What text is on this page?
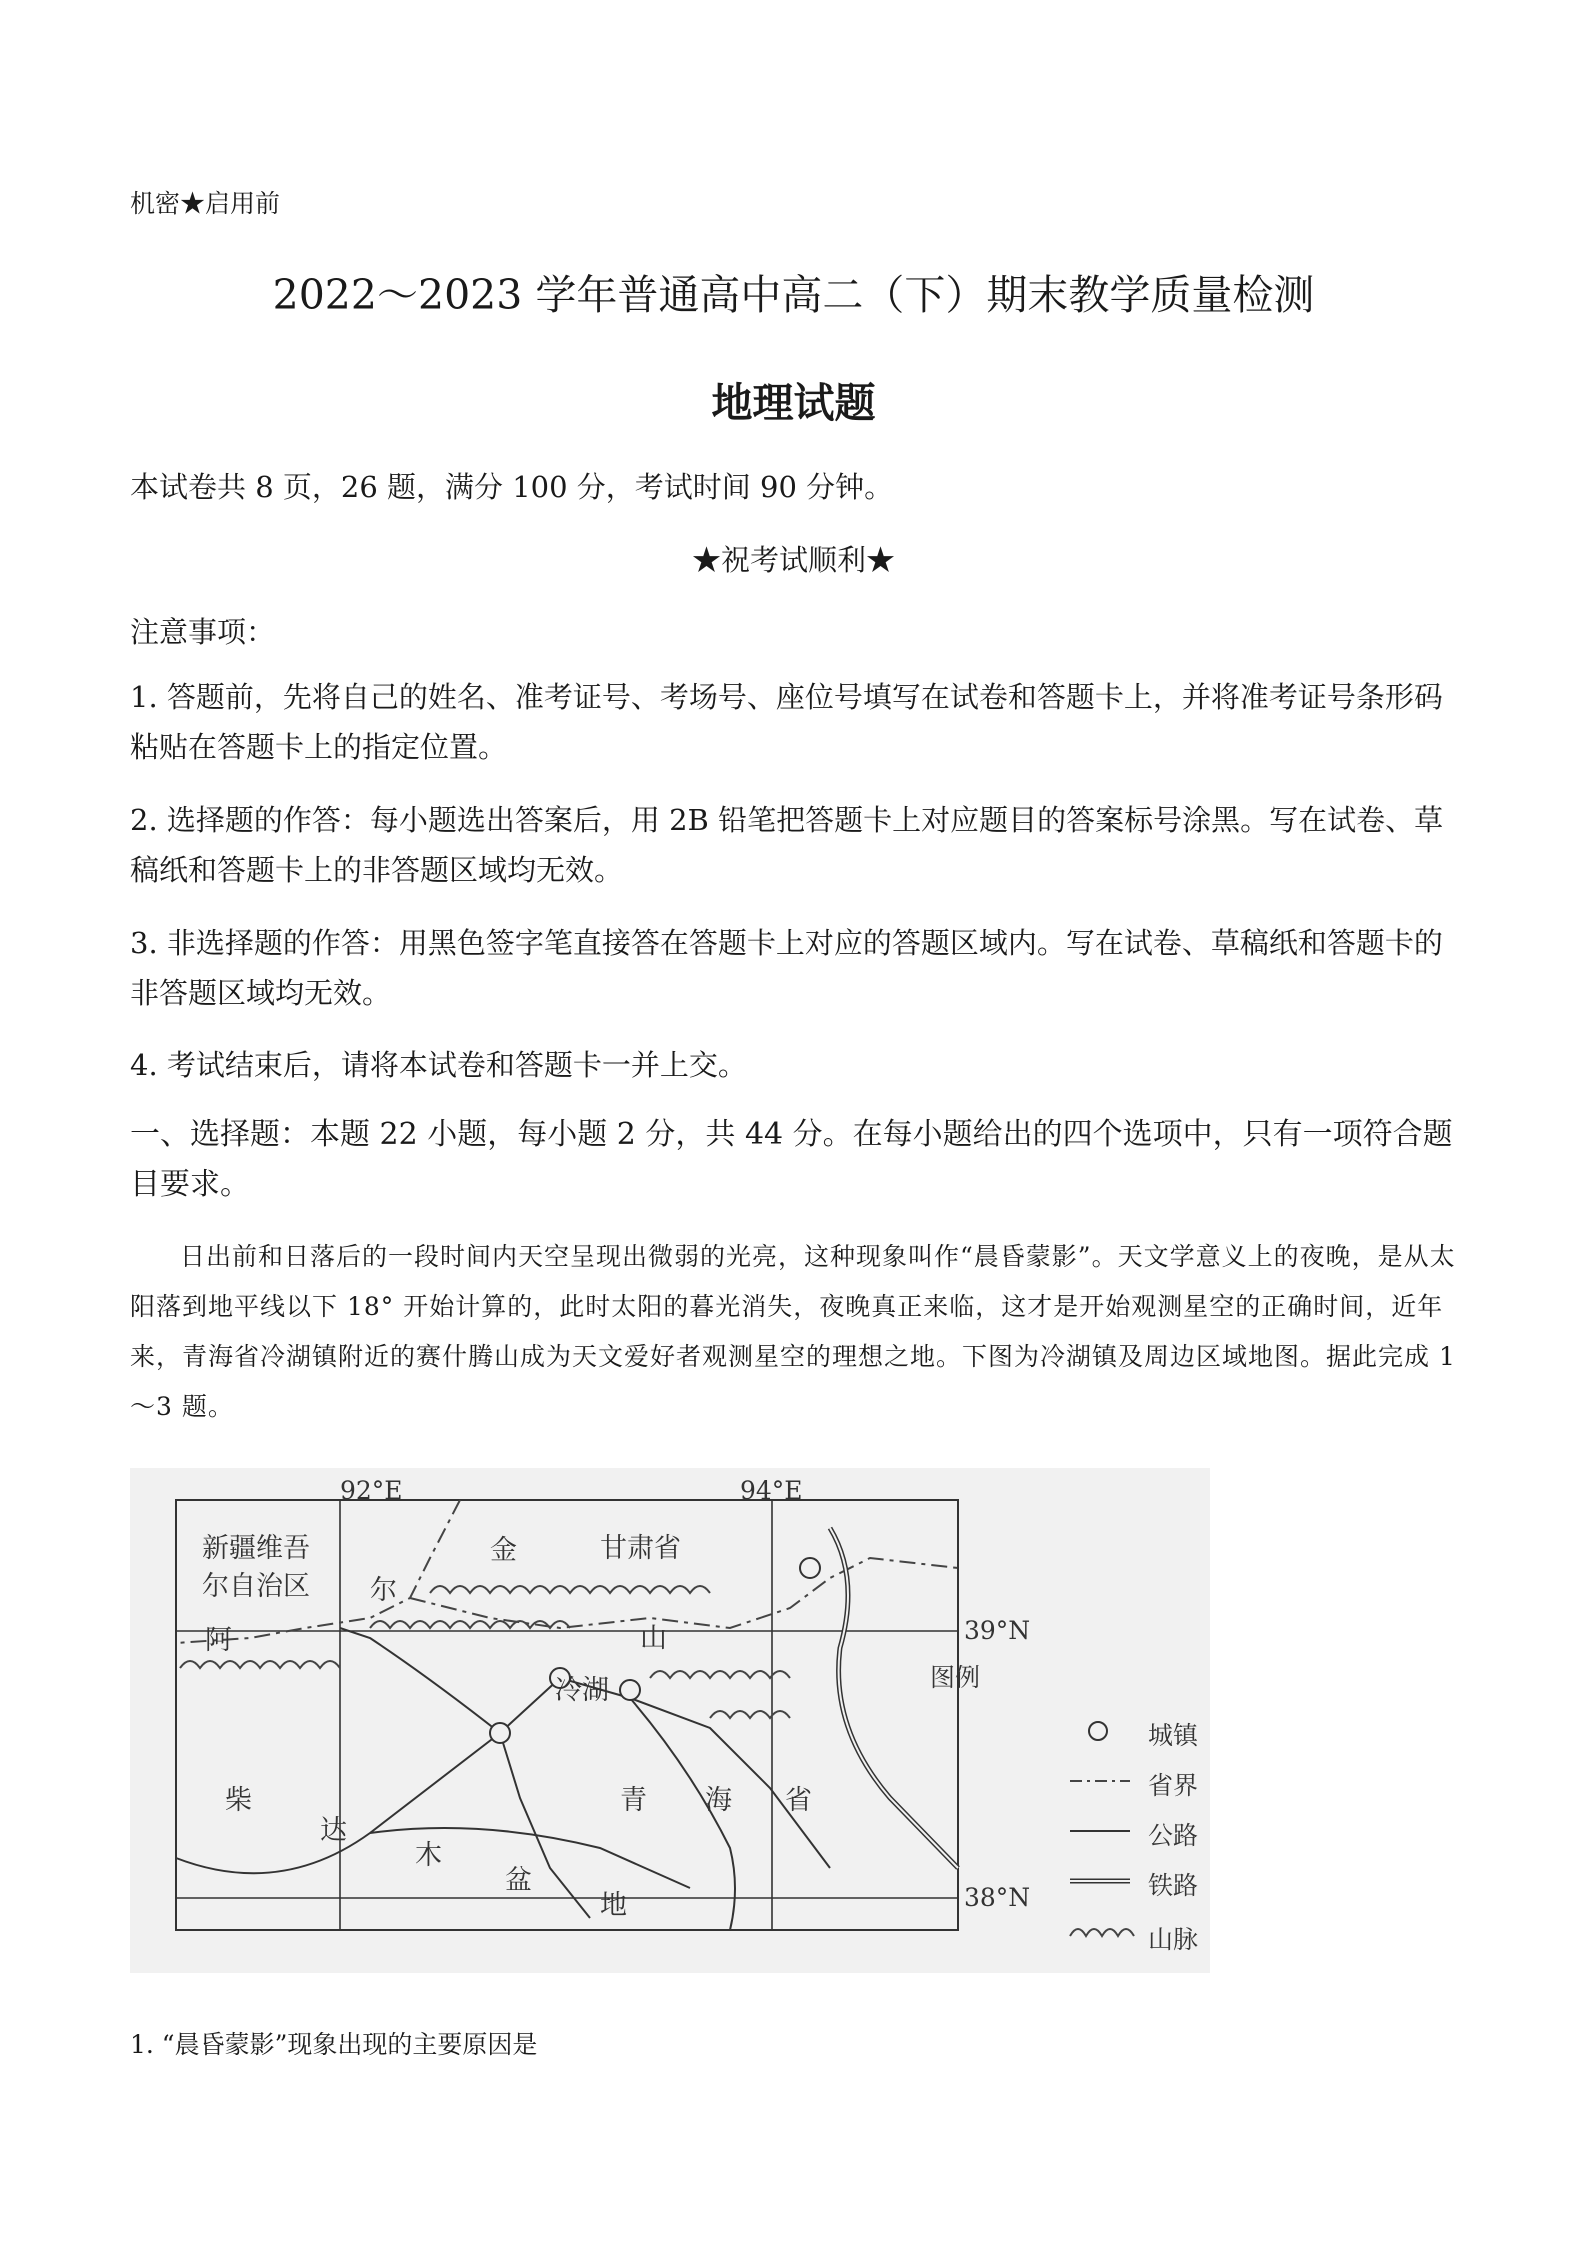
机密★启用前
2022～2023 学年普通高中高二（下）期末教学质量检测
地理试题
本试卷共 8 页，26 题，满分 100 分，考试时间 90 分钟。
★祝考试顺利★
注意事项：
1. 答题前，先将自己的姓名、准考证号、考场号、座位号填写在试卷和答题卡上，并将准考证号条形码粘贴在答题卡上的指定位置。
2. 选择题的作答：每小题选出答案后，用 2B 铅笔把答题卡上对应题目的答案标号涂黑。写在试卷、草稿纸和答题卡上的非答题区域均无效。
3. 非选择题的作答：用黑色签字笔直接答在答题卡上对应的答题区域内。写在试卷、草稿纸和答题卡的非答题区域均无效。
4. 考试结束后，请将本试卷和答题卡一并上交。
一、选择题：本题 22 小题，每小题 2 分，共 44 分。在每小题给出的四个选项中，只有一项符合题目要求。
日出前和日落后的一段时间内天空呈现出微弱的光亮，这种现象叫作“晨昏蒙影”。天文学意义上的夜晚，是从太阳落到地平线以下 18° 开始计算的，此时太阳的暮光消失，夜晚真正来临，这才是开始观测星空的正确时间，近年来，青海省冷湖镇附近的赛什腾山成为天文爱好者观测星空的理想之地。下图为冷湖镇及周边区域地图。据此完成 1～3 题。
92°E	94°E
39°N
38°N
新疆维吾
尔自治区
甘肃省
阿
尔
金
山
冷湖
青 海 省
柴
达
木
盆
地
图例
城镇
省界
公路
铁路
山脉
1. “晨昏蒙影”现象出现的主要原因是
